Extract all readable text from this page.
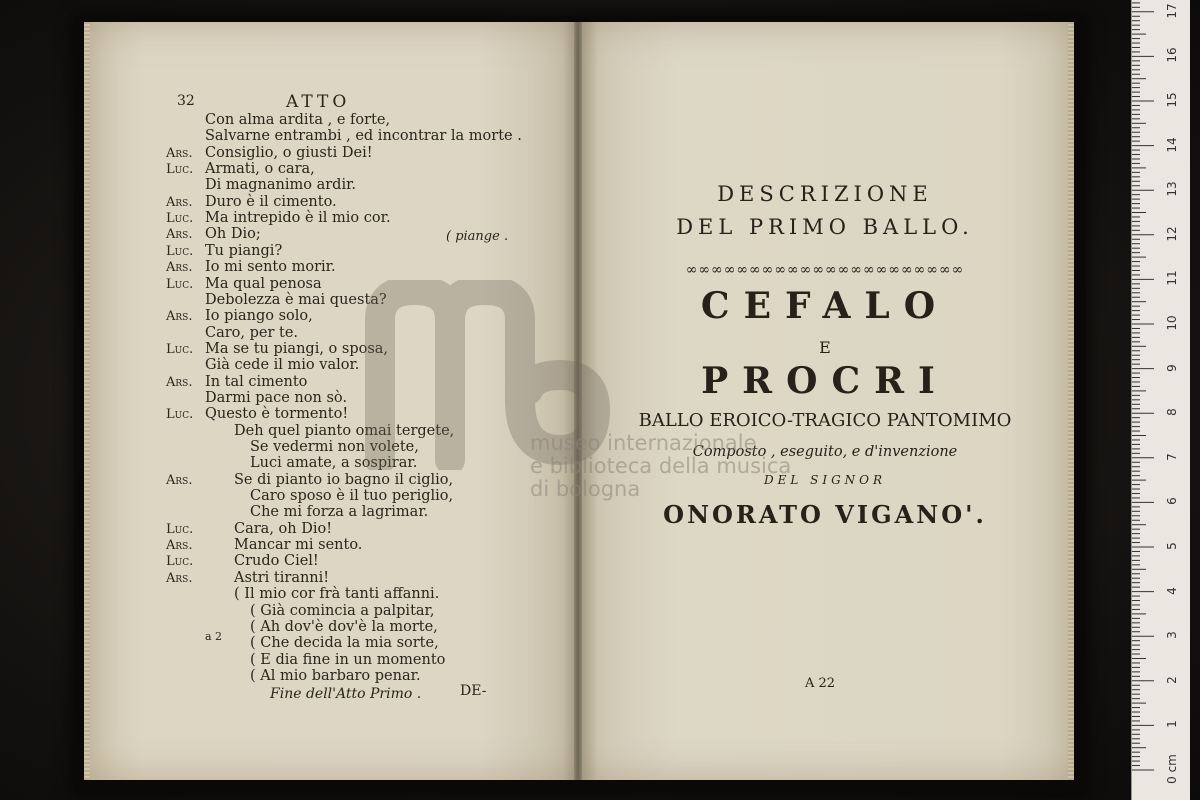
32	ATTO
Con alma ardita , e forte,
Salvarne entrambi , ed incontrar la morte .
Ars. Consiglio, o giusti Dei!
Luc. Armati, o cara,
Di magnanimo ardir.
Ars. Duro è il cimento.
Luc. Ma intrepido è il mio cor.
Ars. Oh Dio;
Luc. Tu piangi?
Ars. Io mi sento morir.
Luc. Ma qual penosa
Debolezza è mai questa?
Ars. Io piango solo,
Caro, per te.
Luc. Ma se tu piangi, o sposa,
Già cede il mio valor.
Ars. In tal cimento
Darmi pace non sò.
Luc. Questo è tormento!
Deh quel pianto omai tergete,
Se vedermi non volete,
Luci amate, a sospirar.
Ars.	Se di pianto io bagno il ciglio,
Caro sposo è il tuo periglio,
Che mi forza a lagrimar.
Luc.	Cara, oh Dio!
Ars.	Mancar mi sento.
Luc.	Crudo Ciel!
Ars.	Astri tiranni!
( Il mio cor frà tanti affanni.
( Già comincia a palpitar,
( Ah dov'è dov'è la morte,
( Che decida la mia sorte,
( E dia fine in un momento
( Al mio barbaro penar.
( piange .
a 2
Fine dell'Atto Primo .	DE-
DESCRIZIONE
DEL PRIMO BALLO.
∞∞∞∞∞∞∞∞∞∞∞∞∞∞∞∞∞∞∞∞∞∞
CEFALO
E
PROCRI
BALLO EROICO-TRAGICO PANTOMIMO
Composto , eseguito, e d'invenzione
DEL SIGNOR
ONORATO VIGANO'.
A 22
museo internazionale
e biblioteca della musica
di bologna
0 cm
1
2
3
4
5
6
7
8
9
10
11
12
13
14
15
16
17
